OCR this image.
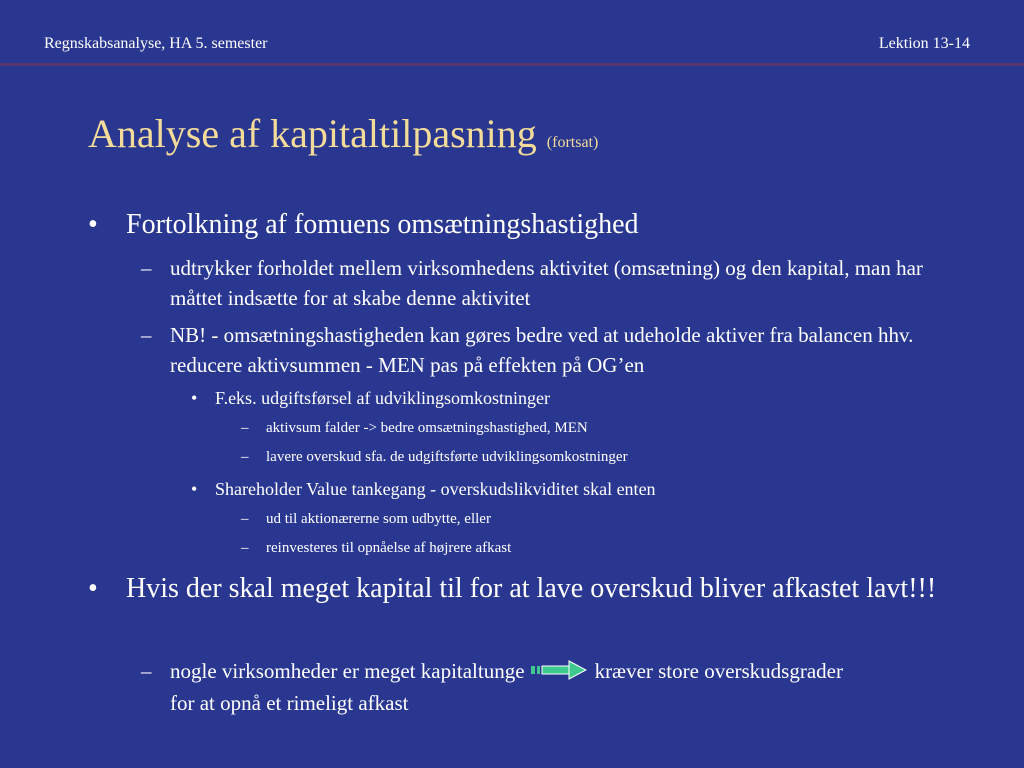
Regnskabsanalyse, HA 5. semester	Lektion 13-14
Analyse af kapitaltilpasning (fortsat)
• Fortolkning af fomuens omsætningshastighed
– udtrykker forholdet mellem virksomhedens aktivitet (omsætning) og den kapital, man har måttet indsætte for at skabe denne aktivitet
– NB! - omsætningshastigheden kan gøres bedre ved at udeholde aktiver fra balancen hhv. reducere aktivsummen - MEN pas på effekten på OG’en
• F.eks. udgiftsførsel af udviklingsomkostninger
– aktivsum falder -> bedre omsætningshastighed, MEN
– lavere overskud sfa. de udgiftsførte udviklingsomkostninger
• Shareholder Value tankegang - overskudslikviditet skal enten
– ud til aktionærerne som udbytte, eller
– reinvesteres til opnåelse af højrere afkast
• Hvis der skal meget kapital til for at lave overskud bliver afkastet lavt!!!
– nogle virksomheder er meget kapitaltunge	kræver store overskudsgrader for at opnå et rimeligt afkast
